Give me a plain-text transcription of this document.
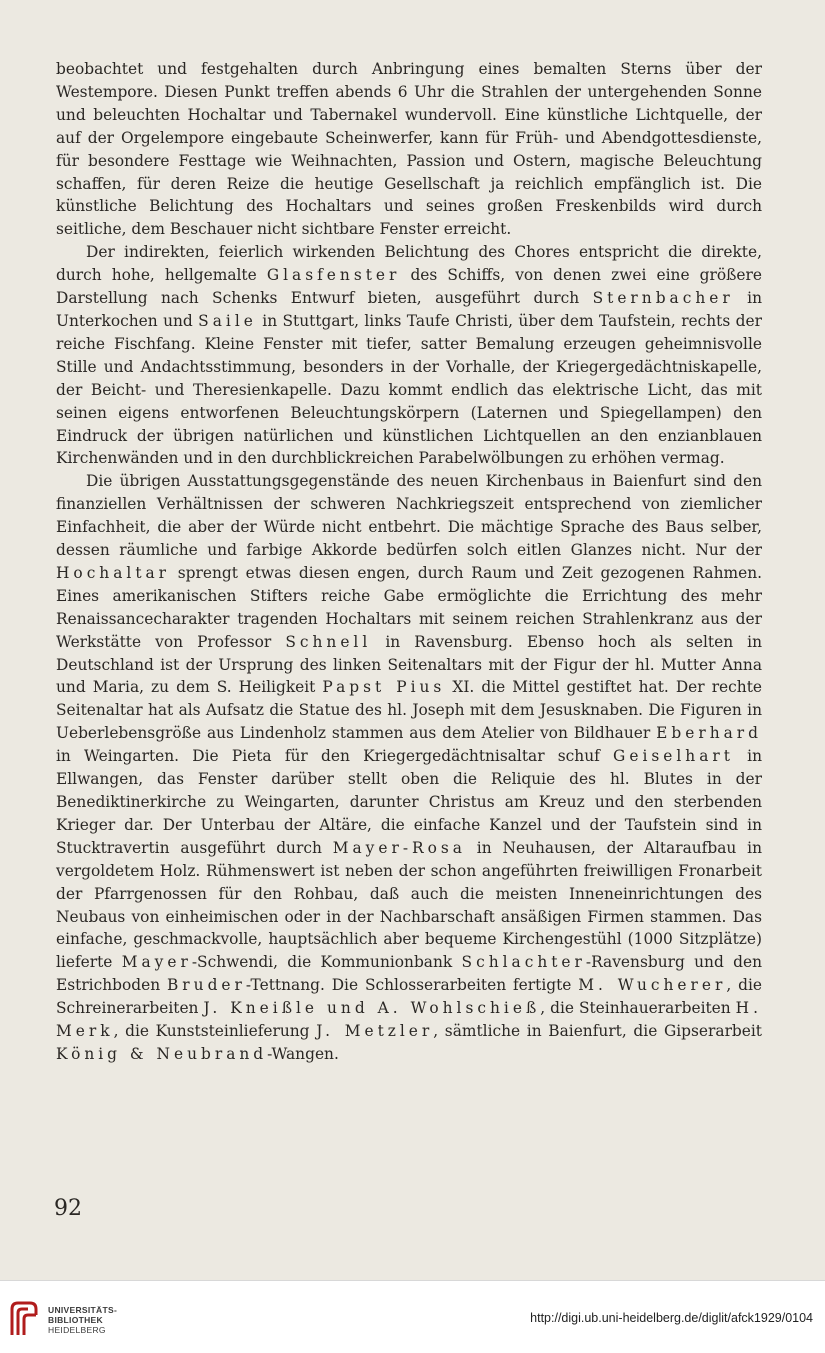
beobachtet und festgehalten durch Anbringung eines bemalten Sterns über der Westempore. Diesen Punkt treffen abends 6 Uhr die Strahlen der untergehenden Sonne und beleuchten Hochaltar und Tabernakel wundervoll. Eine künstliche Lichtquelle, der auf der Orgelempore eingebaute Scheinwerfer, kann für Früh- und Abendgottesdienste, für besondere Festtage wie Weihnachten, Passion und Ostern, magische Beleuchtung schaffen, für deren Reize die heutige Gesellschaft ja reichlich empfänglich ist. Die künstliche Belichtung des Hochaltars und seines großen Freskenbilds wird durch seitliche, dem Beschauer nicht sichtbare Fenster erreicht.

Der indirekten, feierlich wirkenden Belichtung des Chores entspricht die direkte, durch hohe, hellgemalte Glasfenster des Schiffs, von denen zwei eine größere Darstellung nach Schenks Entwurf bieten, ausgeführt durch Sternbacher in Unterkochen und Saile in Stuttgart, links Taufe Christi, über dem Taufstein, rechts der reiche Fischfang. Kleine Fenster mit tiefer, satter Bemalung erzeugen geheimnisvolle Stille und Andachtsstimmung, besonders in der Vorhalle, der Kriegergedächtniskapelle, der Beicht- und Theresienkapelle. Dazu kommt endlich das elektrische Licht, das mit seinen eigens entworfenen Beleuchtungskörpern (Laternen und Spiegellampen) den Eindruck der übrigen natürlichen und künstlichen Lichtquellen an den enzianblauen Kirchenwänden und in den durchblickreichen Parabelwölbungen zu erhöhen vermag.

Die übrigen Ausstattungsgegenstände des neuen Kirchenbaus in Baienfurt sind den finanziellen Verhältnissen der schweren Nachkriegszeit entsprechend von ziemlicher Einfachheit, die aber der Würde nicht entbehrt. Die mächtige Sprache des Baus selber, dessen räumliche und farbige Akkorde bedürfen solch eitlen Glanzes nicht. Nur der Hochaltar sprengt etwas diesen engen, durch Raum und Zeit gezogenen Rahmen. Eines amerikanischen Stifters reiche Gabe ermöglichte die Errichtung des mehr Renaissancecharakter tragenden Hochaltars mit seinem reichen Strahlenkranz aus der Werkstätte von Professor Schnell in Ravensburg. Ebenso hoch als selten in Deutschland ist der Ursprung des linken Seitenaltars mit der Figur der hl. Mutter Anna und Maria, zu dem S. Heiligkeit Papst Pius XI. die Mittel gestiftet hat. Der rechte Seitenaltar hat als Aufsatz die Statue des hl. Joseph mit dem Jesusknaben. Die Figuren in Ueberlebensgröße aus Lindenholz stammen aus dem Atelier von Bildhauer Eberhard in Weingarten. Die Pieta für den Kriegergedächtnisaltar schuf Geiselhart in Ellwangen, das Fenster darüber stellt oben die Reliquie des hl. Blutes in der Benediktinerkirche zu Weingarten, darunter Christus am Kreuz und den sterbenden Krieger dar. Der Unterbau der Altäre, die einfache Kanzel und der Taufstein sind in Stucktravertin ausgeführt durch Mayer-Rosa in Neuhausen, der Altaraufbau in vergoldetem Holz. Rühmenswert ist neben der schon angeführten freiwilligen Fronarbeit der Pfarrgenossen für den Rohbau, daß auch die meisten Inneneinrichtungen des Neubaus von einheimischen oder in der Nachbarschaft ansäßigen Firmen stammen. Das einfache, geschmackvolle, hauptsächlich aber bequeme Kirchengestühl (1000 Sitzplätze) lieferte Mayer-Schwendi, die Kommunionbank Schlachter-Ravensburg und den Estrichboden Bruder-Tettnang. Die Schlosserarbeiten fertigte M. Wucherer, die Schreinerarbeiten J. Kneißle und A. Wohlschieß, die Steinhauerarbeiten H. Merk, die Kunststeinlieferung J. Metzler, sämtliche in Baienfurt, die Gipserarbeit König & Neubrand-Wangen.

92
UNIVERSITÄTS-
BIBLIOTHEK
HEIDELBERG
http://digi.ub.uni-heidelberg.de/diglit/afck1929/0104
